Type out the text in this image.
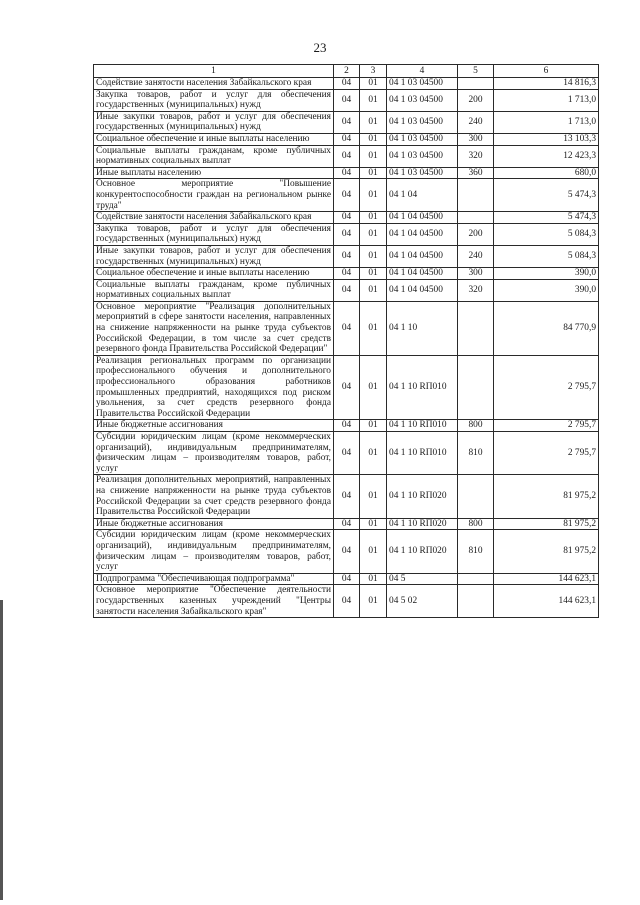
23
1	2	3	4	5	6
Содействие занятости населения Забайкальского края	04	01	04 1 03 04500		14 816,3
Закупка товаров, работ и услуг для обеспечения государственных (муниципальных) нужд	04	01	04 1 03 04500	200	1 713,0
Иные закупки товаров, работ и услуг для обеспечения государственных (муниципальных) нужд	04	01	04 1 03 04500	240	1 713,0
Социальное обеспечение и иные выплаты населению	04	01	04 1 03 04500	300	13 103,3
Социальные выплаты гражданам, кроме публичных нормативных социальных выплат	04	01	04 1 03 04500	320	12 423,3
Иные выплаты населению	04	01	04 1 03 04500	360	680,0
Основное мероприятие "Повышение конкурентоспособности граждан на региональном рынке труда"	04	01	04 1 04		5 474,3
Содействие занятости населения Забайкальского края	04	01	04 1 04 04500		5 474,3
Закупка товаров, работ и услуг для обеспечения государственных (муниципальных) нужд	04	01	04 1 04 04500	200	5 084,3
Иные закупки товаров, работ и услуг для обеспечения государственных (муниципальных) нужд	04	01	04 1 04 04500	240	5 084,3
Социальное обеспечение и иные выплаты населению	04	01	04 1 04 04500	300	390,0
Социальные выплаты гражданам, кроме публичных нормативных социальных выплат	04	01	04 1 04 04500	320	390,0
Основное мероприятие "Реализация дополнительных мероприятий в сфере занятости населения, направленных на снижение напряженности на рынке труда субъектов Российской Федерации, в том числе за счет средств резервного фонда Правительства Российской Федерации"	04	01	04 1 10		84 770,9
Реализация региональных программ по организации профессионального обучения и дополнительного профессионального образования работников промышленных предприятий, находящихся под риском увольнения, за счет средств резервного фонда Правительства Российской Федерации	04	01	04 1 10 RП010		2 795,7
Иные бюджетные ассигнования	04	01	04 1 10 RП010	800	2 795,7
Субсидии юридическим лицам (кроме некоммерческих организаций), индивидуальным предпринимателям, физическим лицам – производителям товаров, работ, услуг	04	01	04 1 10 RП010	810	2 795,7
Реализация дополнительных мероприятий, направленных на снижение напряженности на рынке труда субъектов Российской Федерации за счет средств резервного фонда Правительства Российской Федерации	04	01	04 1 10 RП020		81 975,2
Иные бюджетные ассигнования	04	01	04 1 10 RП020	800	81 975,2
Субсидии юридическим лицам (кроме некоммерческих организаций), индивидуальным предпринимателям, физическим лицам – производителям товаров, работ, услуг	04	01	04 1 10 RП020	810	81 975,2
Подпрограмма "Обеспечивающая подпрограмма"	04	01	04 5		144 623,1
Основное мероприятие "Обеспечение деятельности государственных казенных учреждений "Центры занятости населения Забайкальского края"	04	01	04 5 02		144 623,1
